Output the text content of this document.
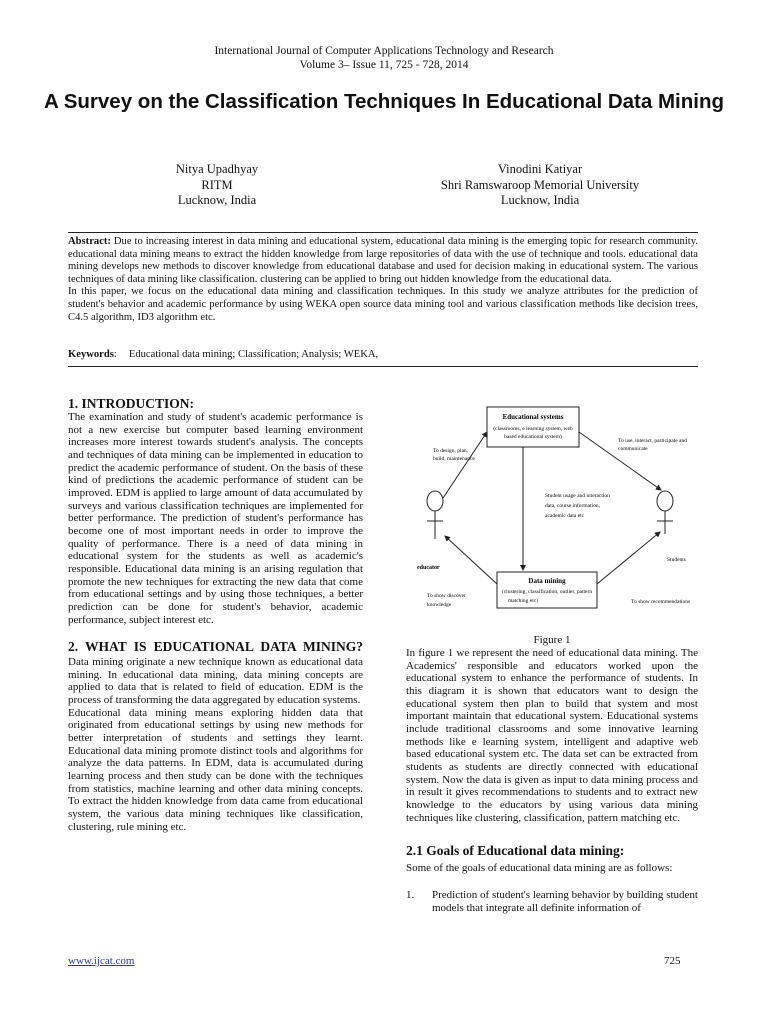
International Journal of Computer Applications Technology and Research
Volume 3– Issue 11, 725 - 728, 2014
A Survey on the Classification Techniques In Educational Data Mining
Nitya Upadhyay
RITM
Lucknow, India
Vinodini Katiyar
Shri Ramswaroop Memorial University
Lucknow, India

Abstract: Due to increasing interest in data mining and educational system, educational data mining is the emerging topic for research community. educational data mining means to extract the hidden knowledge from large repositories of data with the use of technique and tools. educational data mining develops new methods to discover knowledge from educational database and used for decision making in educational system. The various techniques of data mining like classification. clustering can be applied to bring out hidden knowledge from the educational data.

In this paper, we focus on the educational data mining and classification techniques. In this study we analyze attributes for the prediction of student's behavior and academic performance by using WEKA open source data mining tool and various classification methods like decision trees, C4.5 algorithm, ID3 algorithm etc.

Keywords: Educational data mining; Classification; Analysis; WEKA,
1. INTRODUCTION:

The examination and study of student's academic performance is not a new exercise but computer based learning environment increases more interest towards student's analysis. The concepts and techniques of data mining can be implemented in education to predict the academic performance of student. On the basis of these kind of predictions the academic performance of student can be improved. EDM is applied to large amount of data accumulated by surveys and various classification techniques are implemented for better performance. The prediction of student's performance has become one of most important needs in order to improve the quality of performance. There is a need of data mining in educational system for the students as well as academic's responsible. Educational data mining is an arising regulation that promote the new techniques for extracting the new data that come from educational settings and by using those techniques, a better prediction can be done for student's behavior, academic performance, subject interest etc.

2. WHAT IS EDUCATIONAL DATA MINING?

Data mining originate a new technique known as educational data mining. In educational data mining, data mining concepts are applied to data that is related to field of education. EDM is the process of transforming the data aggregated by education systems.

Educational data mining means exploring hidden data that originated from educational settings by using new methods for better interpretation of students and settings they learnt. Educational data mining promote distinct tools and algorithms for analyze the data patterns. In EDM, data is accumulated during learning process and then study can be done with the techniques from statistics, machine learning and other data mining concepts. To extract the hidden knowledge from data came from educational system, the various data mining techniques like classification, clustering, rule mining etc.

Educational systems
(classrooms, e learning system, web
based educational system)
Data mining
(clustering, classification, outlier, pattern
matching etc)
To design, plan,
build, maintenance
To use, interact, participate and
communicate
Student usage and interaction
data, course information,
academic data etc
educator
Students
To show discover
knowledge	To show recommendations
Figure 1

In figure 1 we represent the need of educational data mining. The Academics' responsible and educators worked upon the educational system to enhance the performance of students. In this diagram it is shown that educators want to design the educational system then plan to build that system and most important maintain that educational system. Educational systems include traditional classrooms and some innovative learning methods like e learning system, intelligent and adaptive web based educational system etc. The data set can be extracted from students as students are directly connected with educational system. Now the data is given as input to data mining process and in result it gives recommendations to students and to extract new knowledge to the educators by using various data mining techniques like clustering, classification, pattern matching etc.

2.1 Goals of Educational data mining:

Some of the goals of educational data mining are as follows:

1.	Prediction of student's learning behavior by building student models that integrate all definite information of
www.ijcat.com	725
